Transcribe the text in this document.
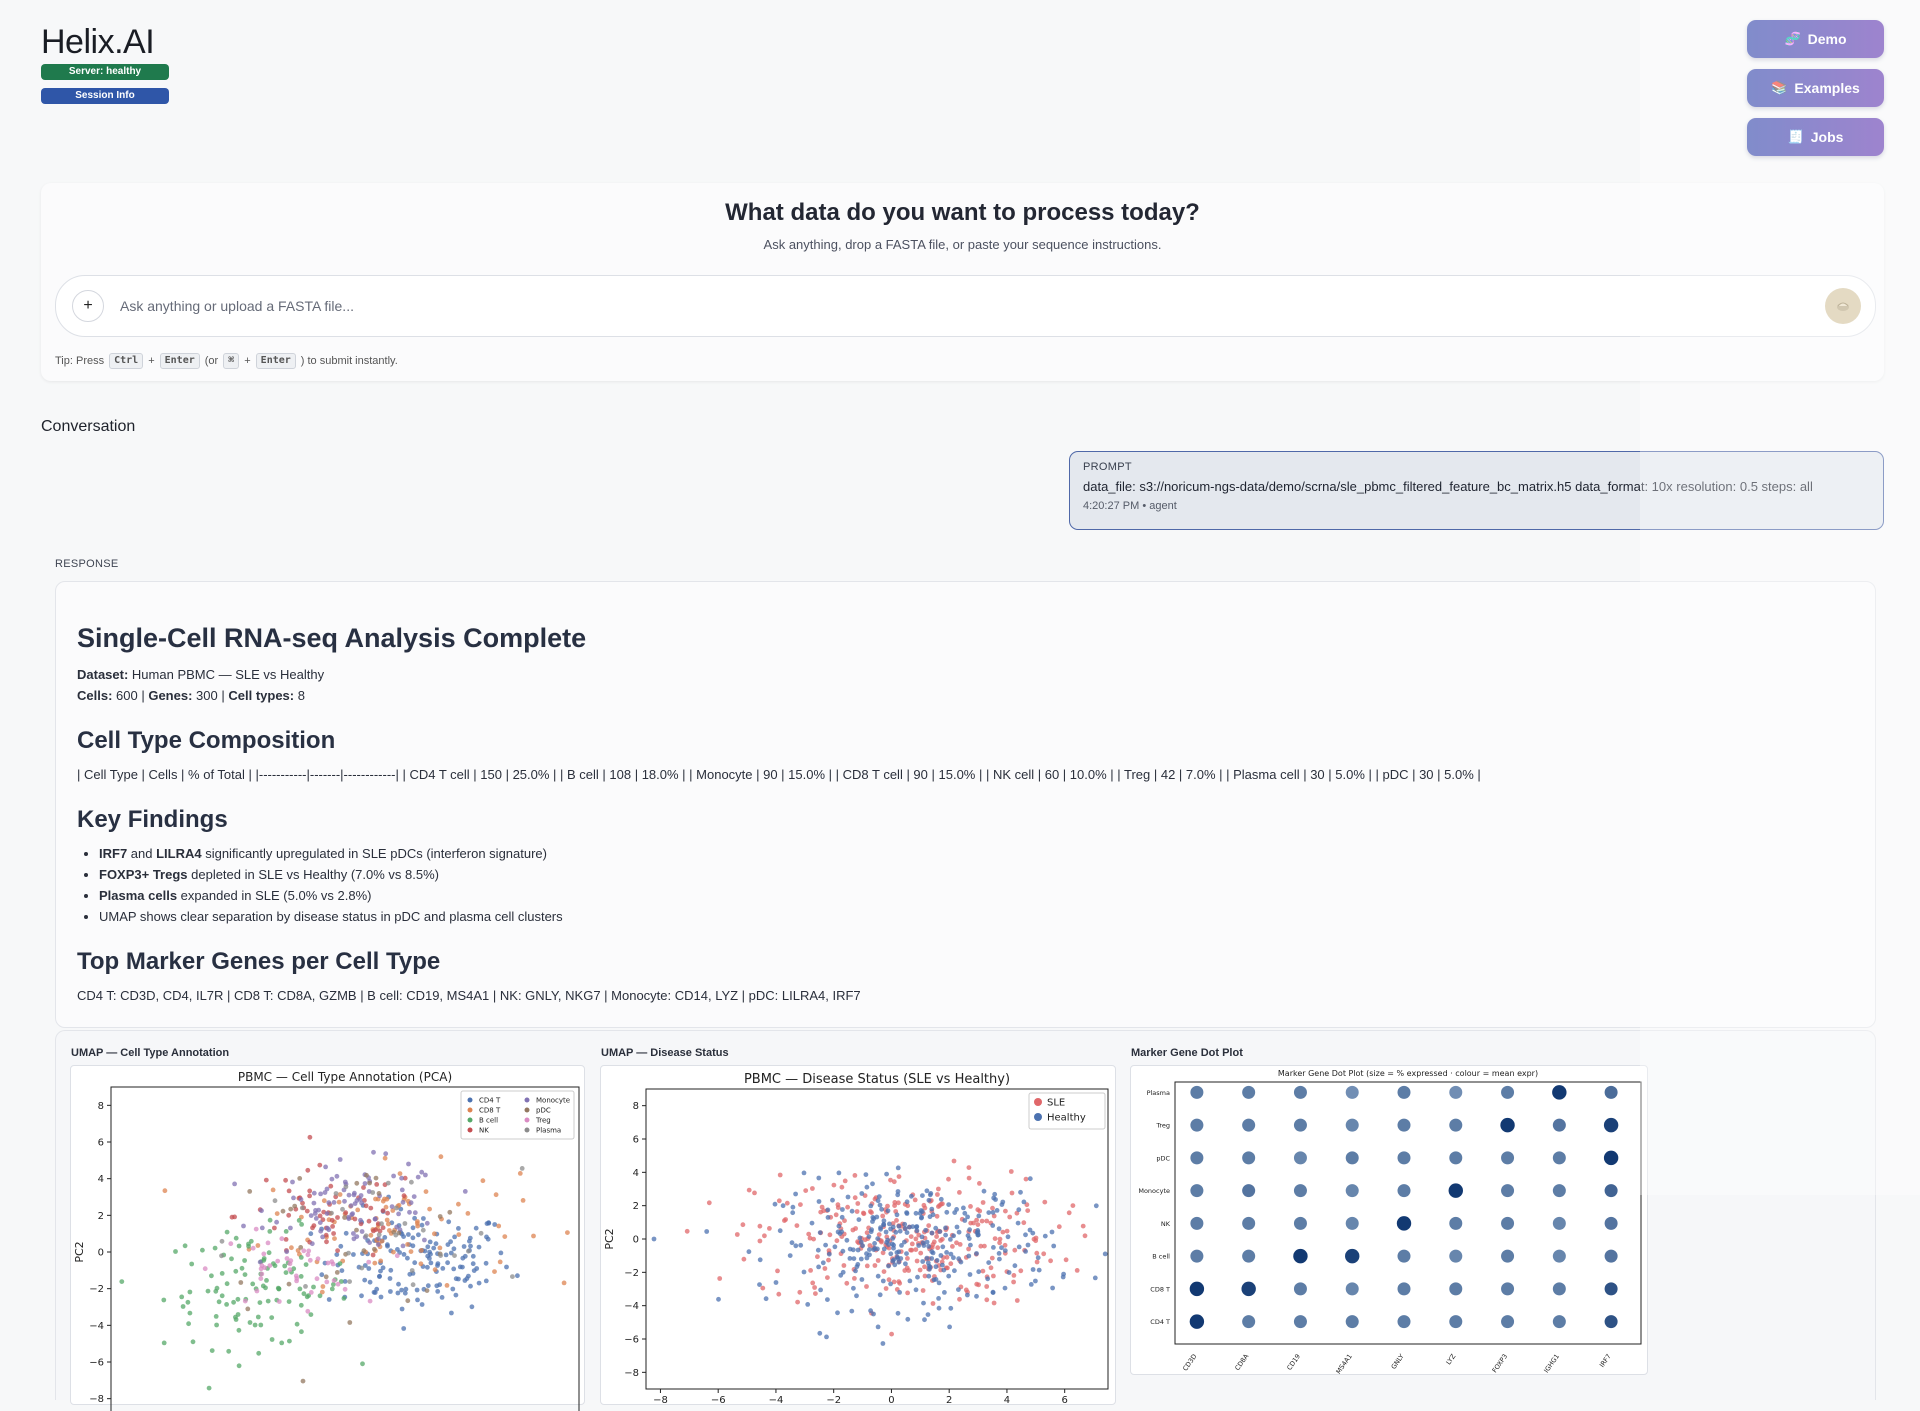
Helix.AI
Server: healthy
Session Info
🧬 Demo
📚 Examples
🧾 Jobs
What data do you want to process today?
Ask anything, drop a FASTA file, or paste your sequence instructions.
+
Ask anything or upload a FASTA file...
Tip: Press	Ctrl +	Enter (or	⌘ +	Enter ) to submit instantly.
Conversation
PROMPT
data_file: s3://noricum-ngs-data/demo/scrna/sle_pbmc_filtered_feature_bc_matrix.h5 data_format: 10x resolution: 0.5 steps: all
4:20:27 PM • agent
RESPONSE
Single-Cell RNA-seq Analysis Complete

Dataset: Human PBMC — SLE vs Healthy

Cells: 600 | Genes: 300 | Cell types: 8

Cell Type Composition

| Cell Type | Cells | % of Total | |-----------|-------|------------| | CD4 T cell | 150 | 25.0% | | B cell | 108 | 18.0% | | Monocyte | 90 | 15.0% | | CD8 T cell | 90 | 15.0% | | NK cell | 60 | 10.0% | | Treg | 42 | 7.0% | | Plasma cell | 30 | 5.0% | | pDC | 30 | 5.0% |

Key Findings
• IRF7 and LILRA4 significantly upregulated in SLE pDCs (interferon signature)
• FOXP3+ Tregs depleted in SLE vs Healthy (7.0% vs 8.5%)
• Plasma cells expanded in SLE (5.0% vs 2.8%)
• UMAP shows clear separation by disease status in pDC and plasma cell clusters
Top Marker Genes per Cell Type

CD4 T: CD3D, CD4, IL7R | CD8 T: CD8A, GZMB | B cell: CD19, MS4A1 | NK: GNLY, NKG7 | Monocyte: CD14, LYZ | pDC: LILRA4, IRF7

UMAP — Cell Type Annotation
PBMC — Cell Type Annotation (PCA)
8
6
4
2
0
−2
−4
−6
−8
PC2
CD4 T
CD8 T
B cell
NK
Monocyte
pDC
Treg
Plasma
UMAP — Disease Status
PBMC — Disease Status (SLE vs Healthy)
8
6
4
2
0
−2
−4
−6
−8
−8	−6	−4	−2	0	2	4	6
PC2
SLE
Healthy
Marker Gene Dot Plot
Marker Gene Dot Plot (size = % expressed · colour = mean expr)
Plasma
Treg
pDC
Monocyte
NK
B cell
CD8 T
CD4 T
CD3D	CD8A	CD19	MS4A1	GNLY	LYZ	FOXP3	IGHG1	IRF7
